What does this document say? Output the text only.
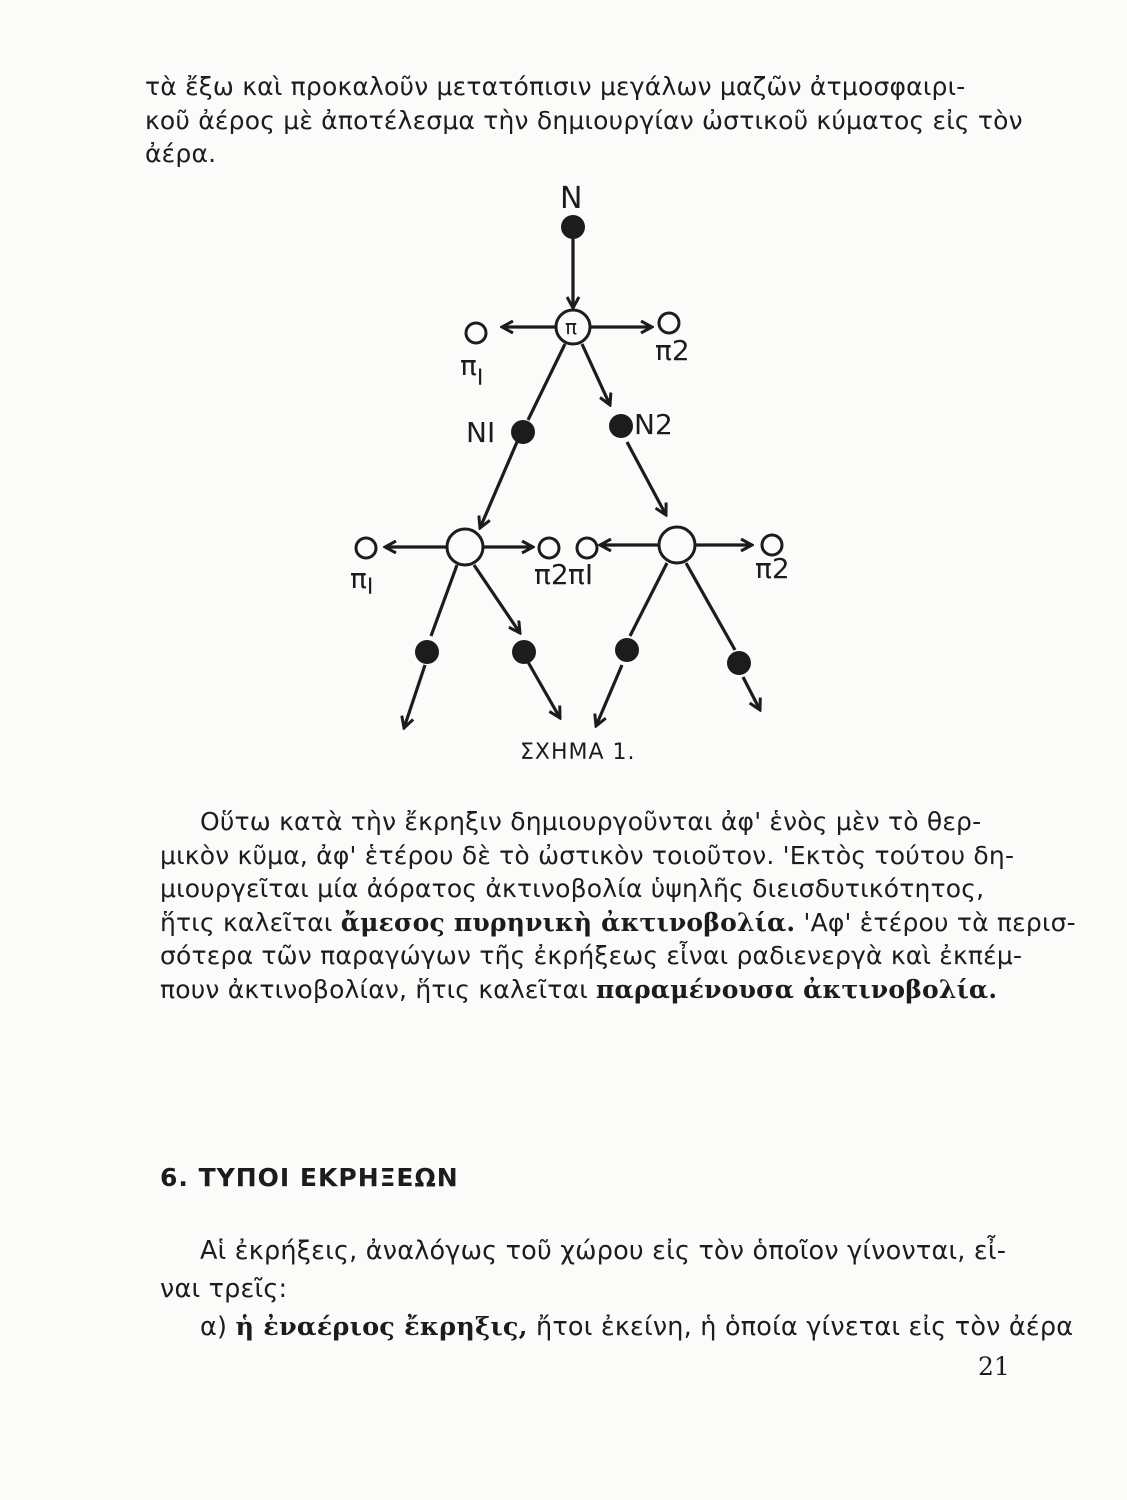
τὰ ἔξω καὶ προκαλοῦν μετατόπισιν μεγάλων μαζῶν ἀτμοσφαιρι-
κοῦ ἀέρος μὲ ἀποτέλεσμα τὴν δημιουργίαν ὠστικοῦ κύματος εἰς τὸν
ἀέρα.
N
π
$\pi_I$
π2
ΝΙ	Ν2
$\pi_I$	π2 πΙ	π2
ΣΧΗΜΑ 1.
Οὕτω κατὰ τὴν ἔκρηξιν δημιουργοῦνται ἀφ' ἑνὸς μὲν τὸ θερ-
μικὸν κῦμα, ἀφ' ἑτέρου δὲ τὸ ὠστικὸν τοιοῦτον. 'Εκτὸς τούτου δη-
μιουργεῖται μία ἀόρατος ἀκτινοβολία ὑψηλῆς διεισδυτικότητος,
ἥτις καλεῖται ἄμεσος πυρηνικὴ ἀκτινοβολία. 'Αφ' ἑτέρου τὰ περισ-
σότερα τῶν παραγώγων τῆς ἐκρήξεως εἶναι ραδιενεργὰ καὶ ἐκπέμ-
πουν ἀκτινοβολίαν, ἥτις καλεῖται παραμένουσα ἀκτινοβολία.
6. ΤΥΠΟΙ ΕΚΡΗΞΕΩΝ
Αἱ ἐκρήξεις, ἀναλόγως τοῦ χώρου εἰς τὸν ὁποῖον γίνονται, εἶ-
ναι τρεῖς:
α) ἡ ἐναέριος ἔκρηξις, ἤτοι ἐκείνη, ἡ ὁποία γίνεται εἰς τὸν ἀέρα
21
